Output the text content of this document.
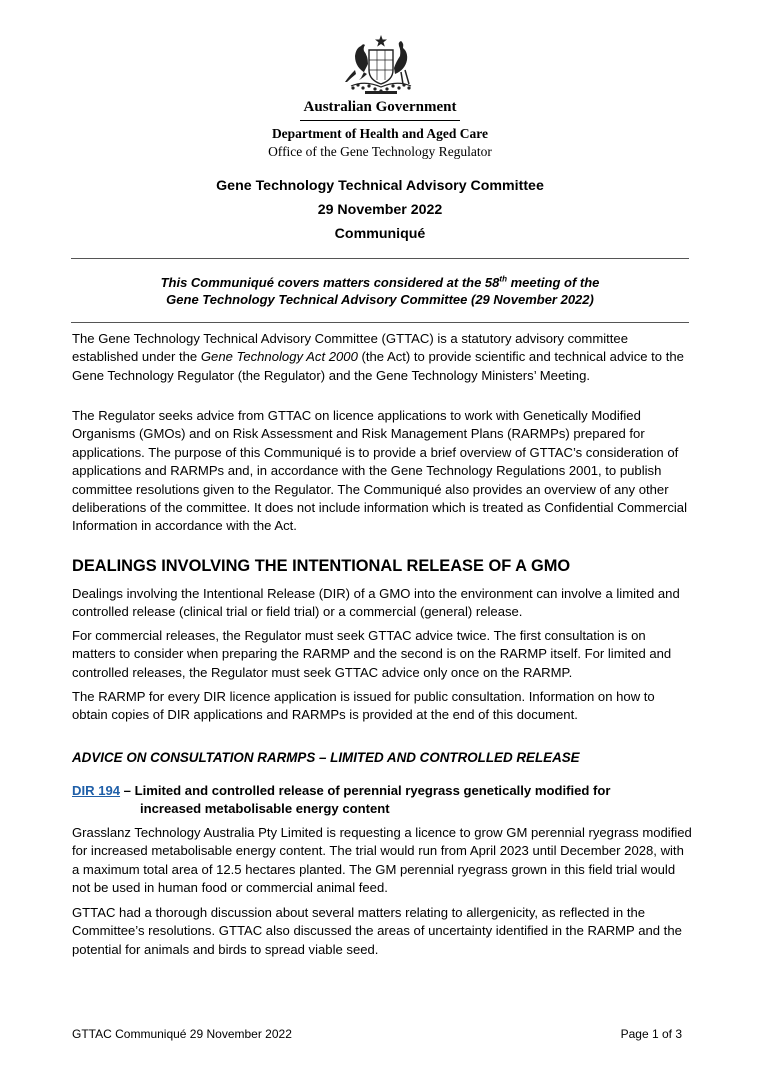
Australian Government
Department of Health and Aged Care
Office of the Gene Technology Regulator
Gene Technology Technical Advisory Committee
29 November 2022
Communiqué
This Communiqué covers matters considered at the 58th meeting of the
Gene Technology Technical Advisory Committee (29 November 2022)

The Gene Technology Technical Advisory Committee (GTTAC) is a statutory advisory committee established under the Gene Technology Act 2000 (the Act) to provide scientific and technical advice to the Gene Technology Regulator (the Regulator) and the Gene Technology Ministers’ Meeting.

The Regulator seeks advice from GTTAC on licence applications to work with Genetically Modified Organisms (GMOs) and on Risk Assessment and Risk Management Plans (RARMPs) prepared for applications. The purpose of this Communiqué is to provide a brief overview of GTTAC’s consideration of applications and RARMPs and, in accordance with the Gene Technology Regulations 2001, to publish committee resolutions given to the Regulator. The Communiqué also provides an overview of any other deliberations of the committee. It does not include information which is treated as Confidential Commercial Information in accordance with the Act.

DEALINGS INVOLVING THE INTENTIONAL RELEASE OF A GMO

Dealings involving the Intentional Release (DIR) of a GMO into the environment can involve a limited and controlled release (clinical trial or field trial) or a commercial (general) release.

For commercial releases, the Regulator must seek GTTAC advice twice. The first consultation is on matters to consider when preparing the RARMP and the second is on the RARMP itself. For limited and controlled releases, the Regulator must seek GTTAC advice only once on the RARMP.

The RARMP for every DIR licence application is issued for public consultation. Information on how to obtain copies of DIR applications and RARMPs is provided at the end of this document.

ADVICE ON CONSULTATION RARMPS – LIMITED AND CONTROLLED RELEASE
DIR 194 – Limited and controlled release of perennial ryegrass genetically modified for
increased metabolisable energy content

Grasslanz Technology Australia Pty Limited is requesting a licence to grow GM perennial ryegrass modified for increased metabolisable energy content. The trial would run from April 2023 until December 2028, with a maximum total area of 12.5 hectares planted. The GM perennial ryegrass grown in this field trial would not be used in human food or commercial animal feed.

GTTAC had a thorough discussion about several matters relating to allergenicity, as reflected in the Committee’s resolutions. GTTAC also discussed the areas of uncertainty identified in the RARMP and the potential for animals and birds to spread viable seed.

GTTAC Communiqué 29 November 2022	Page 1 of 3
